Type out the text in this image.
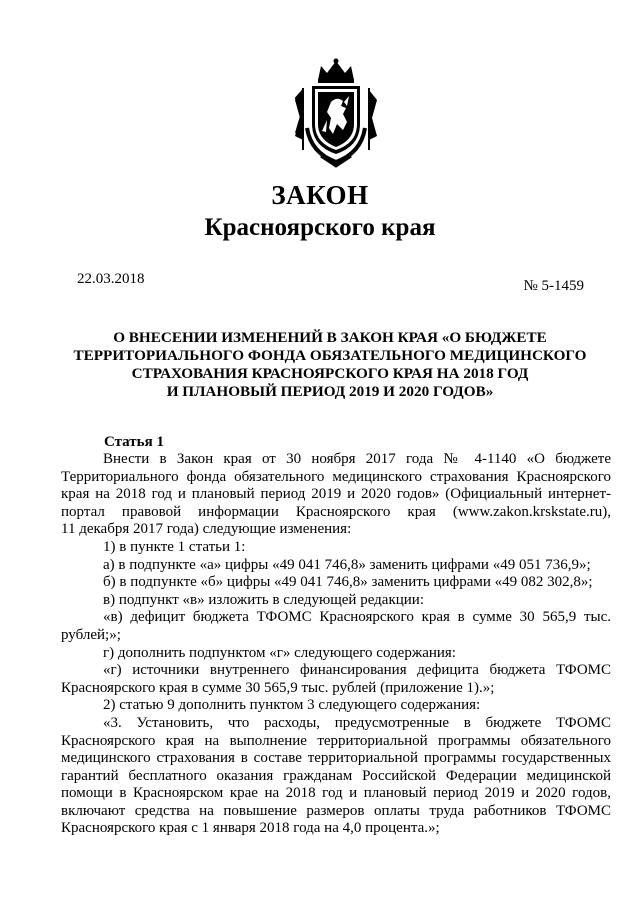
ЗАКОН
Красноярского края
22.03.2018	№ 5-1459
О ВНЕСЕНИИ ИЗМЕНЕНИЙ В ЗАКОН КРАЯ «О БЮДЖЕТЕ
ТЕРРИТОРИАЛЬНОГО ФОНДА ОБЯЗАТЕЛЬНОГО МЕДИЦИНСКОГО
СТРАХОВАНИЯ КРАСНОЯРСКОГО КРАЯ НА 2018 ГОД
И ПЛАНОВЫЙ ПЕРИОД 2019 И 2020 ГОДОВ»
Статья 1
Внести в Закон края от 30 ноября 2017 года № 4-1140 «О бюджете
Территориального фонда обязательного медицинского страхования Красноярского
края на 2018 год и плановый период 2019 и 2020 годов» (Официальный интернет-
портал правовой информации Красноярского края (www.zakon.krskstate.ru),
11 декабря 2017 года) следующие изменения:
1) в пункте 1 статьи 1:
а) в подпункте «а» цифры «49 041 746,8» заменить цифрами «49 051 736,9»;
б) в подпункте «б» цифры «49 041 746,8» заменить цифрами «49 082 302,8»;
в) подпункт «в» изложить в следующей редакции:
«в) дефицит бюджета ТФОМС Красноярского края в сумме 30 565,9 тыс.
рублей;»;
г) дополнить подпунктом «г» следующего содержания:
«г) источники внутреннего финансирования дефицита бюджета ТФОМС
Красноярского края в сумме 30 565,9 тыс. рублей (приложение 1).»;
2) статью 9 дополнить пунктом 3 следующего содержания:
«3. Установить, что расходы, предусмотренные в бюджете ТФОМС
Красноярского края на выполнение территориальной программы обязательного
медицинского страхования в составе территориальной программы государственных
гарантий бесплатного оказания гражданам Российской Федерации медицинской
помощи в Красноярском крае на 2018 год и плановый период 2019 и 2020 годов,
включают средства на повышение размеров оплаты труда работников ТФОМС
Красноярского края с 1 января 2018 года на 4,0 процента.»;
